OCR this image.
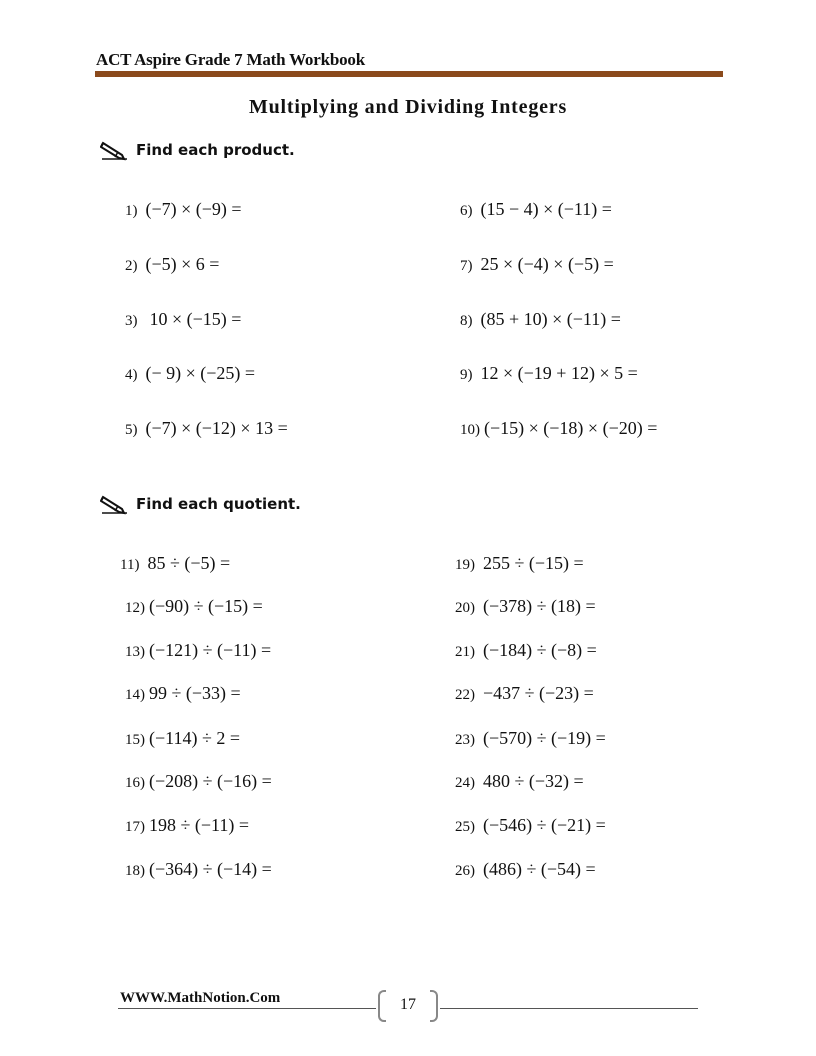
ACT Aspire Grade 7 Math Workbook
Multiplying and Dividing Integers
Find each product.
1) (−7) × (−9) =
2) (−5) × 6 =
3) 10 × (−15) =
4) (− 9) × (−25) =
5) (−7) × (−12) × 13 =
6) (15 − 4) × (−11) =
7) 25 × (−4) × (−5) =
8) (85 + 10) × (−11) =
9) 12 × (−19 + 12) × 5 =
10) (−15) × (−18) × (−20) =
Find each quotient.
11) 85 ÷ (−5) =
12) (−90) ÷ (−15) =
13) (−121) ÷ (−11) =
14) 99 ÷ (−33) =
15) (−114) ÷ 2 =
16) (−208) ÷ (−16) =
17) 198 ÷ (−11) =
18) (−364) ÷ (−14) =
19) 255 ÷ (−15) =
20) (−378) ÷ (18) =
21) (−184) ÷ (−8) =
22) −437 ÷ (−23) =
23) (−570) ÷ (−19) =
24) 480 ÷ (−32) =
25) (−546) ÷ (−21) =
26) (486) ÷ (−54) =
WWW.MathNotion.Com	17
